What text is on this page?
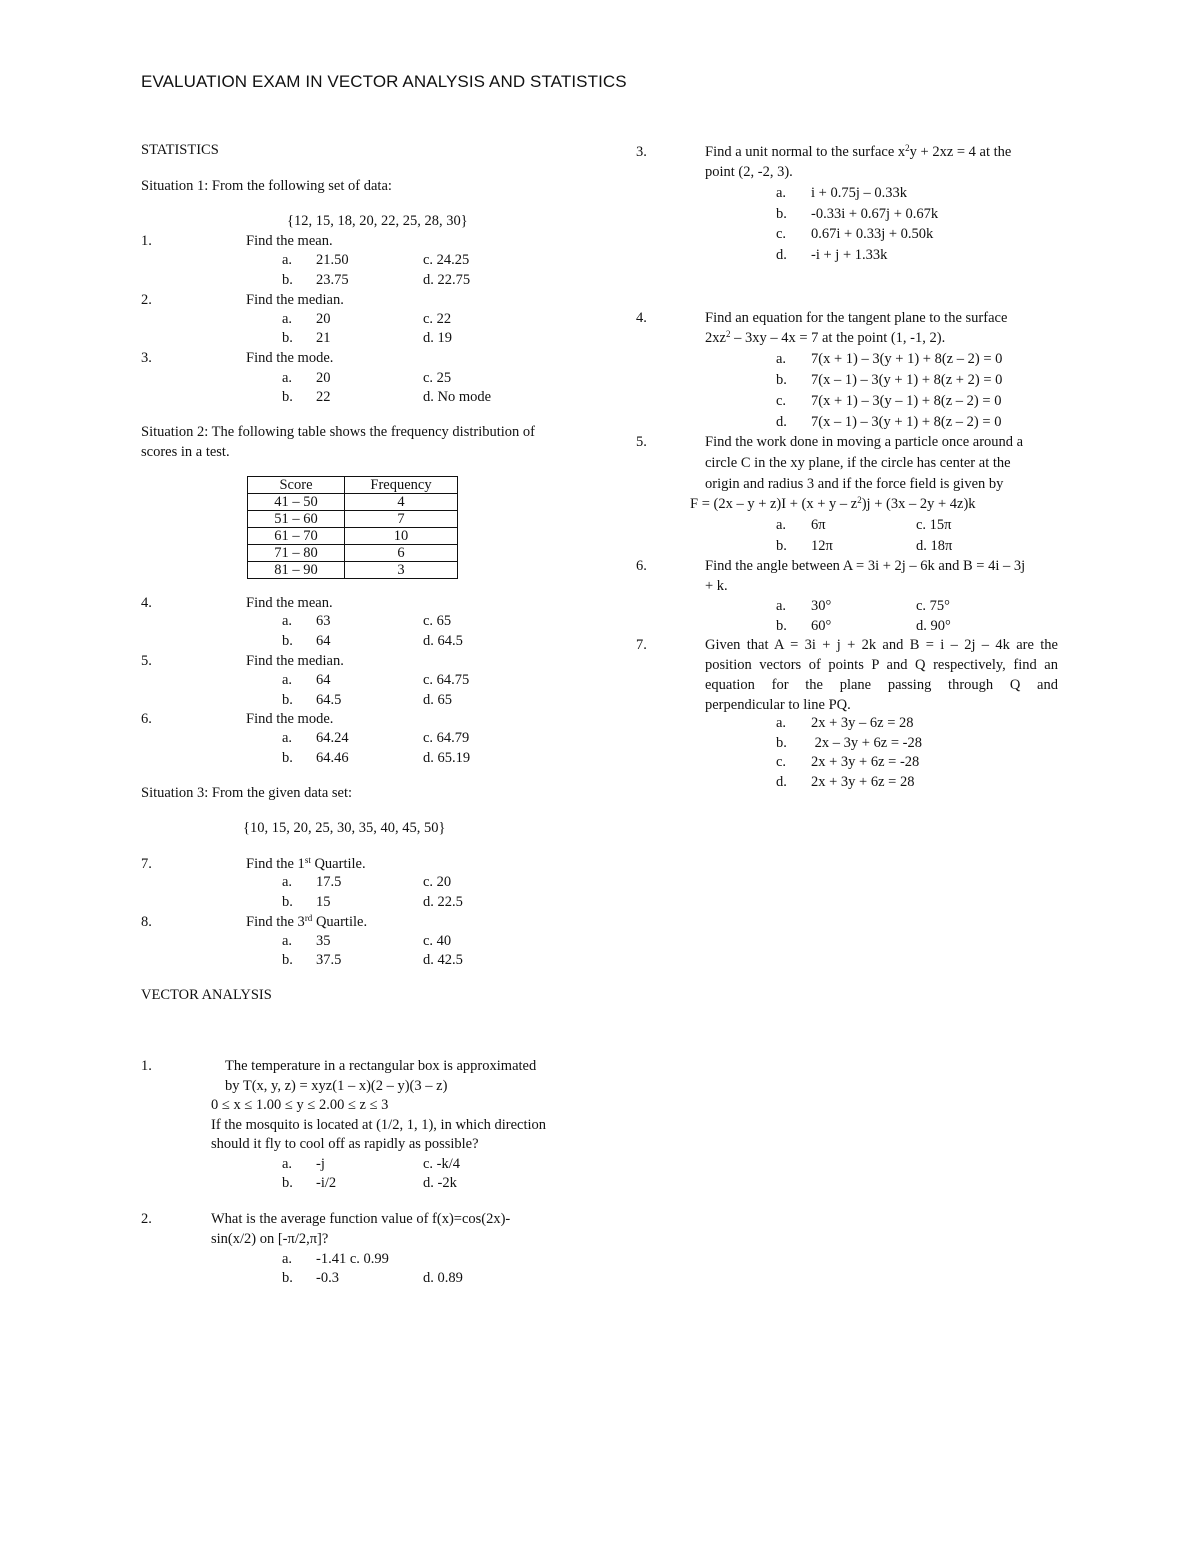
EVALUATION EXAM IN VECTOR ANALYSIS AND STATISTICS
STATISTICS
Situation 1: From the following set of data:
{12, 15, 18, 20, 22, 25, 28, 30}
1.	Find the mean.
a. 21.50	c. 24.25
b. 23.75	d. 22.75
2.	Find the median.
a. 20	c. 22
b. 21	d. 19
3.	Find the mode.
a. 20	c. 25
b. 22	d. No mode
Situation 2: The following table shows the frequency distribution of
scores in a test.
Score	Frequency
41 – 50	4
51 – 60	7
61 – 70	10
71 – 80	6
81 – 90	3
4.	Find the mean.
a. 63	c. 65
b. 64	d. 64.5
5.	Find the median.
a. 64	c. 64.75
b. 64.5	d. 65
6.	Find the mode.
a. 64.24	c. 64.79
b. 64.46	d. 65.19
Situation 3: From the given data set:
{10, 15, 20, 25, 30, 35, 40, 45, 50}
7.	Find the 1st Quartile.
a. 17.5	c. 20
b. 15	d. 22.5
8.	Find the 3rd Quartile.
a. 35	c. 40
b. 37.5	d. 42.5
VECTOR ANALYSIS
1.	The temperature in a rectangular box is approximated
by T(x, y, z) = xyz(1 – x)(2 – y)(3 – z)
0 ≤ x ≤ 1.00 ≤ y ≤ 2.00 ≤ z ≤ 3
If the mosquito is located at (1/2, 1, 1), in which direction
should it fly to cool off as rapidly as possible?
a. -j	c. -k/4
b. -i/2	d. -2k
2.	What is the average function value of f(x)=cos(2x)-
sin(x/2) on [-π/2,π]?
a. -1.41 c. 0.99
b. -0.3	d. 0.89
3.	Find a unit normal to the surface $x^2y + 2xz = 4$ at the
point (2, -2, 3).
a. i + 0.75j – 0.33k
b. -0.33i + 0.67j + 0.67k
c. 0.67i + 0.33j + 0.50k
d. -i + j + 1.33k
4.	Find an equation for the tangent plane to the surface
$2xz^2 - 3xy - 4x = 7$ at the point (1, -1, 2).
a. 7(x + 1) – 3(y + 1) + 8(z – 2) = 0
b. 7(x – 1) – 3(y + 1) + 8(z + 2) = 0
c. 7(x + 1) – 3(y – 1) + 8(z – 2) = 0
d. 7(x – 1) – 3(y + 1) + 8(z – 2) = 0
5.	Find the work done in moving a particle once around a
circle C in the xy plane, if the circle has center at the
origin and radius 3 and if the force field is given by
$F = (2x - y + z)I + (x + y - z^2)j + (3x - 2y + 4z)k$
a. 6π	c. 15π
b. 12π	d. 18π
6.	Find the angle between A = 3i + 2j – 6k and B = 4i – 3j
+ k.
a. 30°	c. 75°
b. 60°	d. 90°
7.	Given that A = 3i + j + 2k and B = i – 2j – 4k are the
position vectors of points P and Q respectively, find an
equation for the plane passing through Q and
perpendicular to line PQ.
a. 2x + 3y – 6z = 28
b. 2x – 3y + 6z = -28
c. 2x + 3y + 6z = -28
d. 2x + 3y + 6z = 28
